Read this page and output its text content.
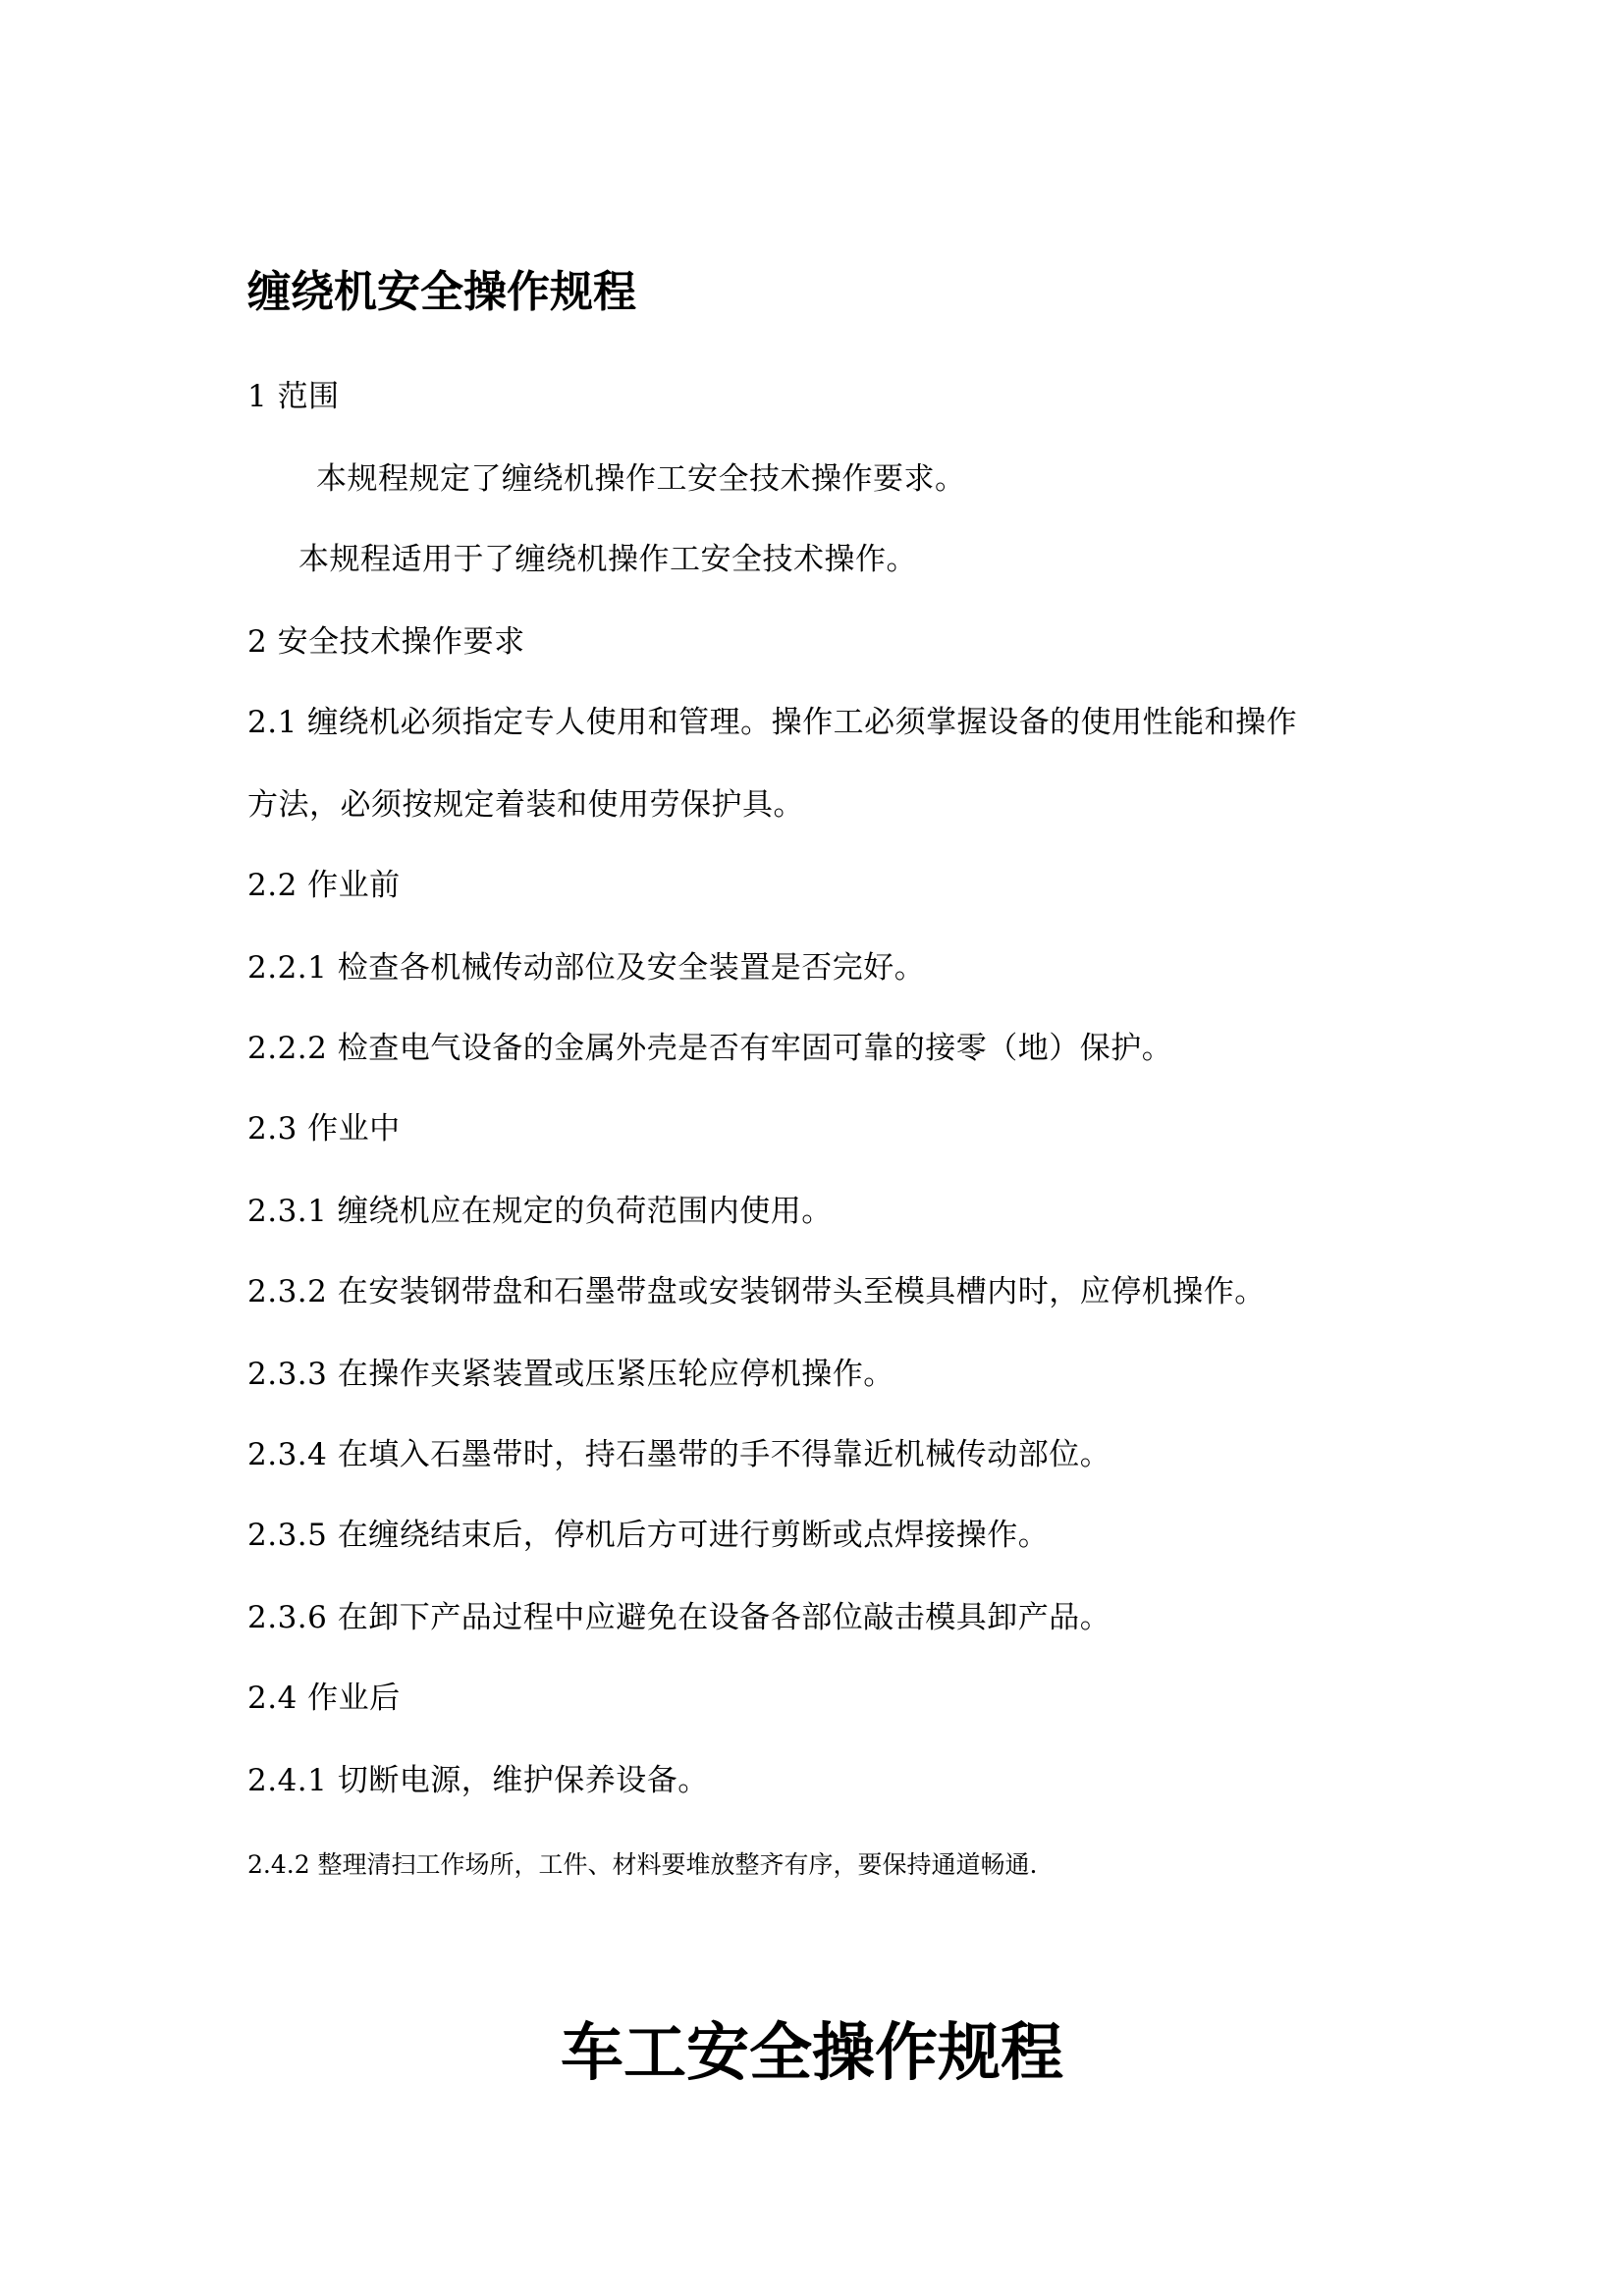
缠绕机安全操作规程

1 范围

本规程规定了缠绕机操作工安全技术操作要求。

本规程适用于了缠绕机操作工安全技术操作。

2 安全技术操作要求

2.1 缠绕机必须指定专人使用和管理。操作工必须掌握设备的使用性能和操作

方法，必须按规定着装和使用劳保护具。

2.2 作业前

2.2.1 检查各机械传动部位及安全装置是否完好。

2.2.2 检查电气设备的金属外壳是否有牢固可靠的接零（地）保护。

2.3 作业中

2.3.1 缠绕机应在规定的负荷范围内使用。

2.3.2 在安装钢带盘和石墨带盘或安装钢带头至模具槽内时，应停机操作。

2.3.3 在操作夹紧装置或压紧压轮应停机操作。

2.3.4 在填入石墨带时，持石墨带的手不得靠近机械传动部位。

2.3.5 在缠绕结束后，停机后方可进行剪断或点焊接操作。

2.3.6 在卸下产品过程中应避免在设备各部位敲击模具卸产品。

2.4 作业后

2.4.1 切断电源，维护保养设备。

2.4.2 整理清扫工作场所，工件、材料要堆放整齐有序，要保持通道畅通.

车工安全操作规程
